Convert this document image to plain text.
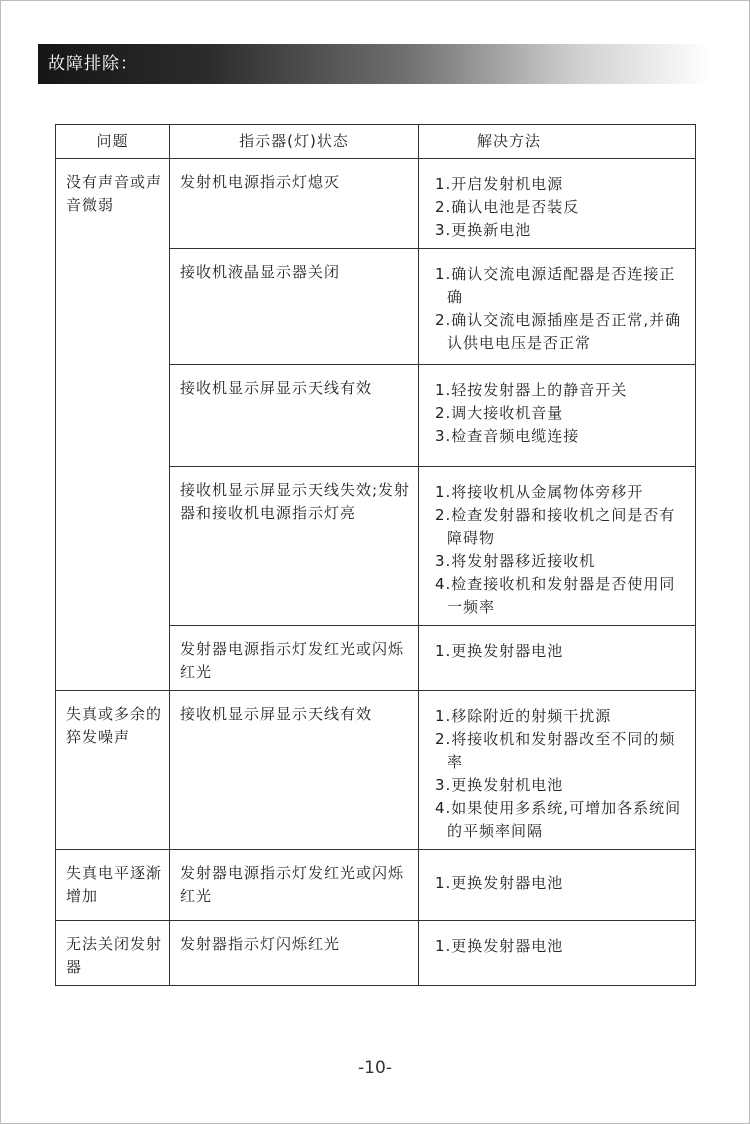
故障排除：
问题	指示器(灯)状态	解决方法
没有声音或声音微弱	发射机电源指示灯熄灭	1.开启发射机电源
2.确认电池是否装反
3.更换新电池

	接收机液晶显示器关闭	1.确认交流电源适配器是否连接正确
2.确认交流电源插座是否正常,并确认供电电压是否正常

	接收机显示屏显示天线有效	1.轻按发射器上的静音开关
2.调大接收机音量
3.检查音频电缆连接

	接收机显示屏显示天线失效;发射器和接收机电源指示灯亮	1.将接收机从金属物体旁移开
2.检查发射器和接收机之间是否有障碍物
3.将发射器移近接收机
4.检查接收机和发射器是否使用同一频率

	发射器电源指示灯发红光或闪烁红光	1.更换发射器电池

失真或多余的猝发噪声	接收机显示屏显示天线有效	1.移除附近的射频干扰源
2.将接收机和发射器改至不同的频率
3.更换发射机电池
4.如果使用多系统,可增加各系统间的平频率间隔

失真电平逐渐增加	发射器电源指示灯发红光或闪烁红光	1.更换发射器电池

无法关闭发射器	发射器指示灯闪烁红光	1.更换发射器电池
-10-
